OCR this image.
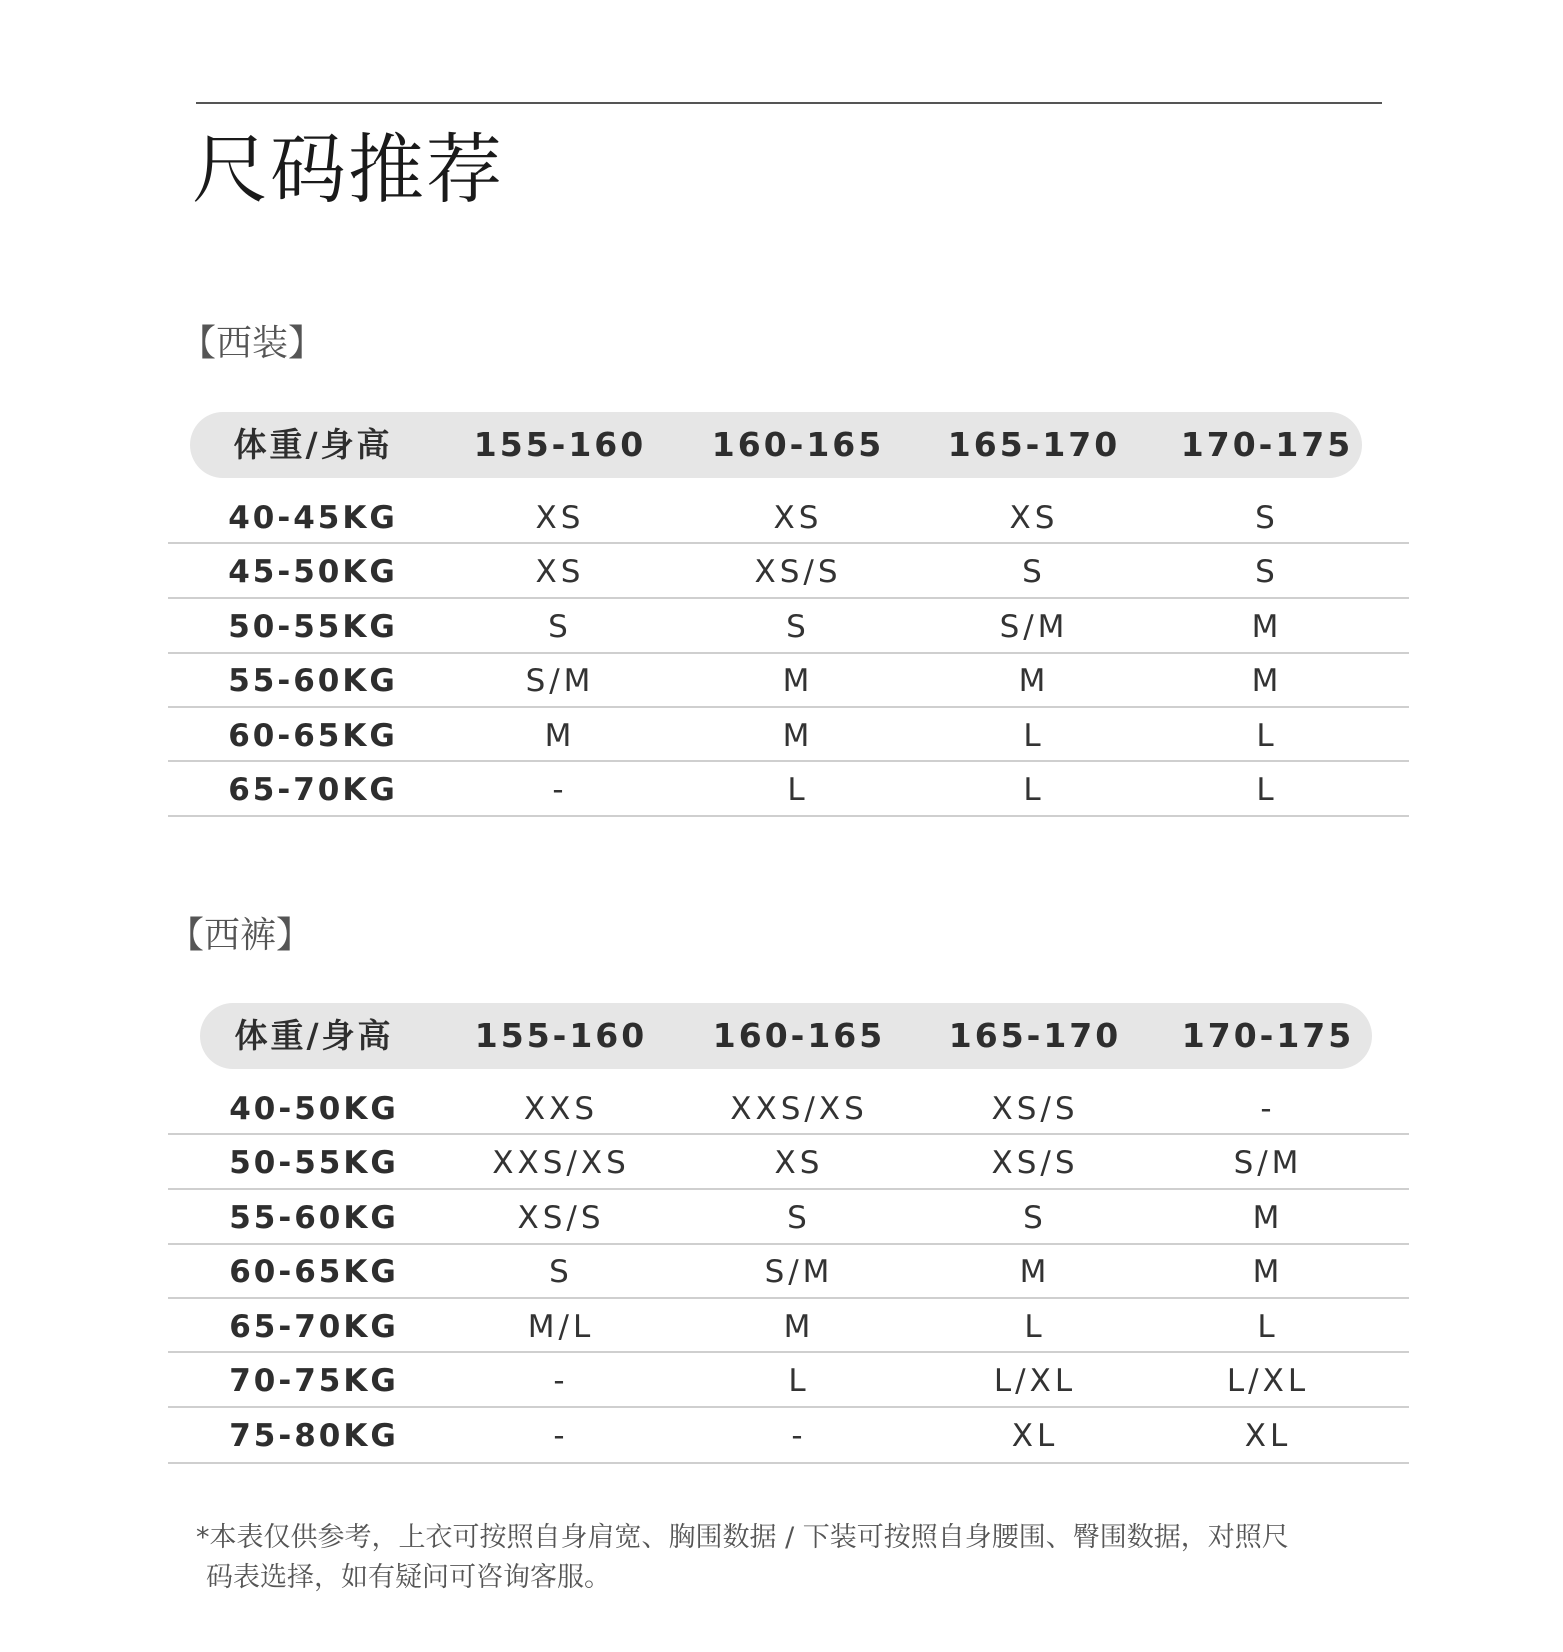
尺码推荐
【西装】
体重/身高 155-160 160-165 165-170 170-175
40-45KG	XS	XS	XS	S
45-50KG	XS	XS/S	S	S
50-55KG	S	S	S/M	M
55-60KG	S/M	M	M	M
60-65KG	M	M	L	L
65-70KG	-	L	L	L
【西裤】
体重/身高 155-160 160-165 165-170 170-175
40-50KG	XXS	XXS/XS	XS/S	-
50-55KG	XXS/XS	XS	XS/S	S/M
55-60KG	XS/S	S	S	M
60-65KG	S	S/M	M	M
65-70KG	M/L	M	L	L
70-75KG	-	L	L/XL	L/XL
75-80KG	-	-	XL	XL
*本表仅供参考，上衣可按照自身肩宽、胸围数据 / 下装可按照自身腰围、臀围数据，对照尺
码表选择，如有疑问可咨询客服。
